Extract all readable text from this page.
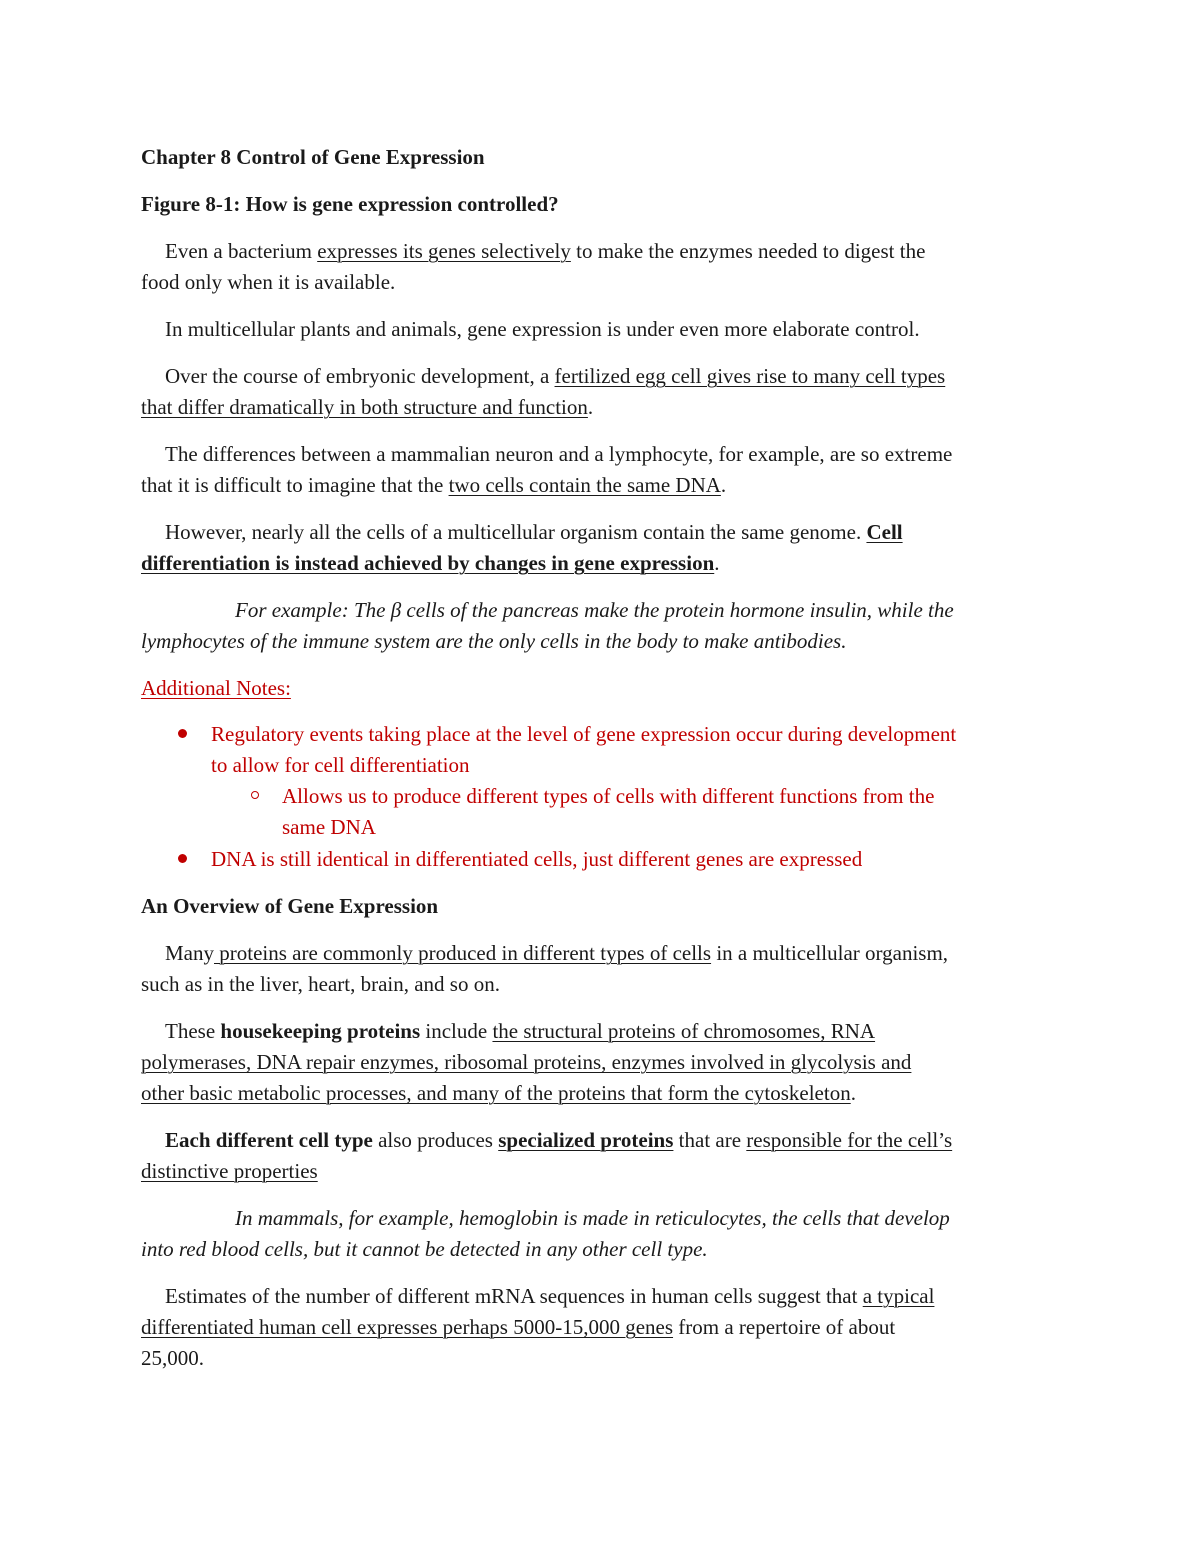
Chapter 8 Control of Gene Expression
Figure 8-1: How is gene expression controlled?
Even a bacterium expresses its genes selectively to make the enzymes needed to digest the
food only when it is available.
In multicellular plants and animals, gene expression is under even more elaborate control.
Over the course of embryonic development, a fertilized egg cell gives rise to many cell types
that differ dramatically in both structure and function.
The differences between a mammalian neuron and a lymphocyte, for example, are so extreme
that it is difficult to imagine that the two cells contain the same DNA.
However, nearly all the cells of a multicellular organism contain the same genome. Cell
differentiation is instead achieved by changes in gene expression.
For example: The β cells of the pancreas make the protein hormone insulin, while the
lymphocytes of the immune system are the only cells in the body to make antibodies.
Additional Notes:
Regulatory events taking place at the level of gene expression occur during development
to allow for cell differentiation
Allows us to produce different types of cells with different functions from the
same DNA
DNA is still identical in differentiated cells, just different genes are expressed
An Overview of Gene Expression
Many proteins are commonly produced in different types of cells in a multicellular organism,
such as in the liver, heart, brain, and so on.
These housekeeping proteins include the structural proteins of chromosomes, RNA
polymerases, DNA repair enzymes, ribosomal proteins, enzymes involved in glycolysis and
other basic metabolic processes, and many of the proteins that form the cytoskeleton.
Each different cell type also produces specialized proteins that are responsible for the cell’s
distinctive properties
In mammals, for example, hemoglobin is made in reticulocytes, the cells that develop
into red blood cells, but it cannot be detected in any other cell type.
Estimates of the number of different mRNA sequences in human cells suggest that a typical
differentiated human cell expresses perhaps 5000-15,000 genes from a repertoire of about
25,000.
